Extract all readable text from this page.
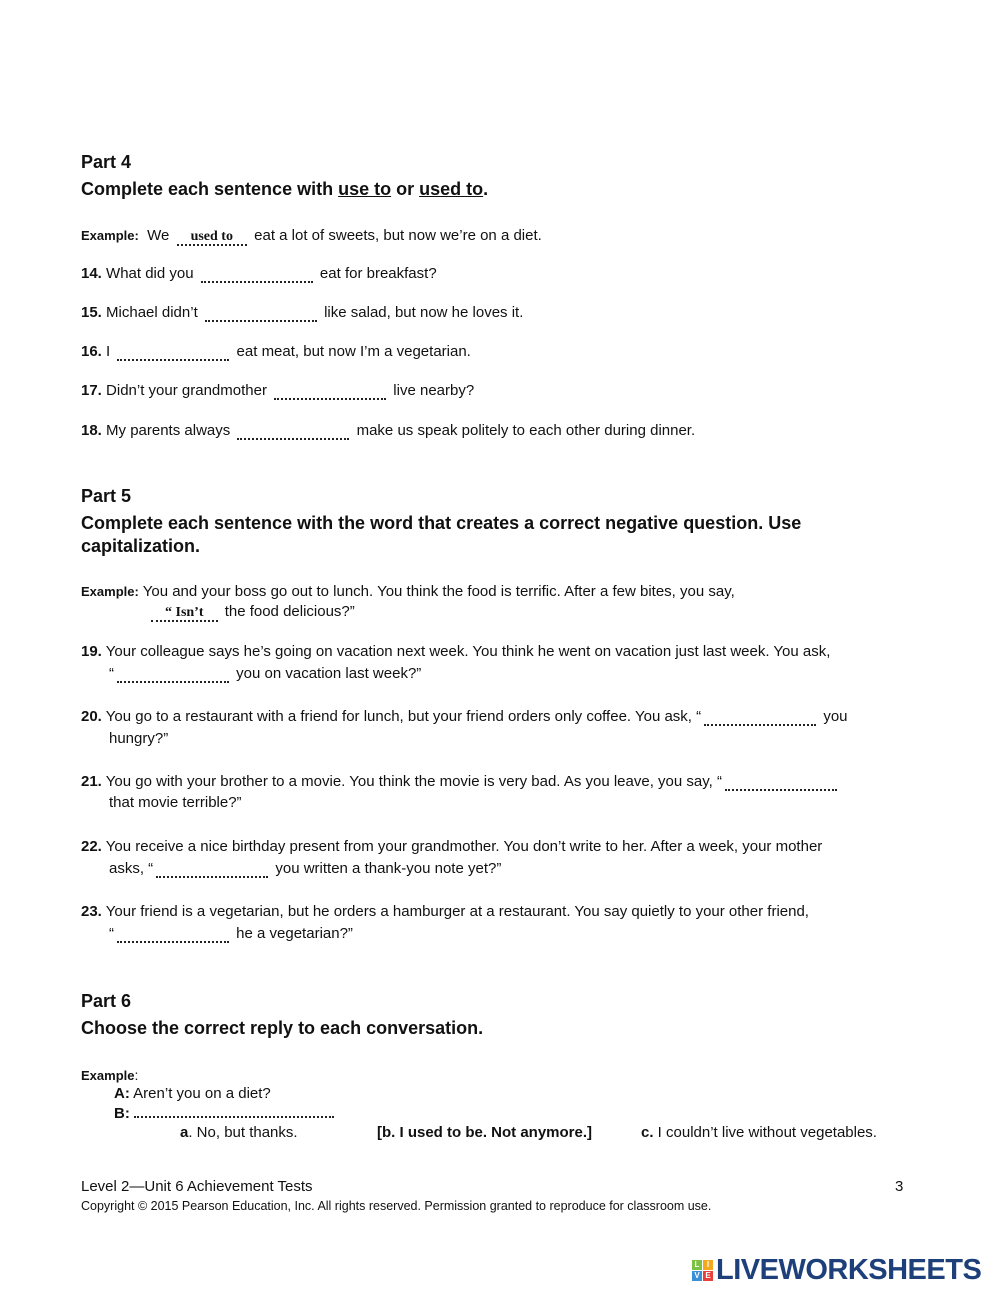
Part 4
Complete each sentence with use to or used to.
Example: We used to eat a lot of sweets, but now we’re on a diet.
14. What did you	eat for breakfast?
15. Michael didn’t	like salad, but now he loves it.
16. I	eat meat, but now I’m a vegetarian.
17. Didn’t your grandmother	live nearby?
18. My parents always	make us speak politely to each other during dinner.
Part 5
Complete each sentence with the word that creates a correct negative question. Use
capitalization.
Example: You and your boss go out to lunch. You think the food is terrific. After a few bites, you say,
“ Isn’t the food delicious?”
19. Your colleague says he’s going on vacation next week. You think he went on vacation just last week. You ask,
“	you on vacation last week?”
20. You go to a restaurant with a friend for lunch, but your friend orders only coffee. You ask, “	you
hungry?”
21. You go with your brother to a movie. You think the movie is very bad. As you leave, you say, “
that movie terrible?”
22. You receive a nice birthday present from your grandmother. You don’t write to her. After a week, your mother
asks, “	you written a thank-you note yet?”
23. Your friend is a vegetarian, but he orders a hamburger at a restaurant. You say quietly to your other friend,
“	he a vegetarian?”
Part 6
Choose the correct reply to each conversation.
Example:
A: Aren’t you on a diet?
B:
a. No, but thanks.	[b. I used to be. Not anymore.]	c. I couldn’t live without vegetables.
Level 2—Unit 6 Achievement Tests	3
Copyright © 2015 Pearson Education, Inc. All rights reserved. Permission granted to reproduce for classroom use.
L I
V E LIVEWORKSHEETS
